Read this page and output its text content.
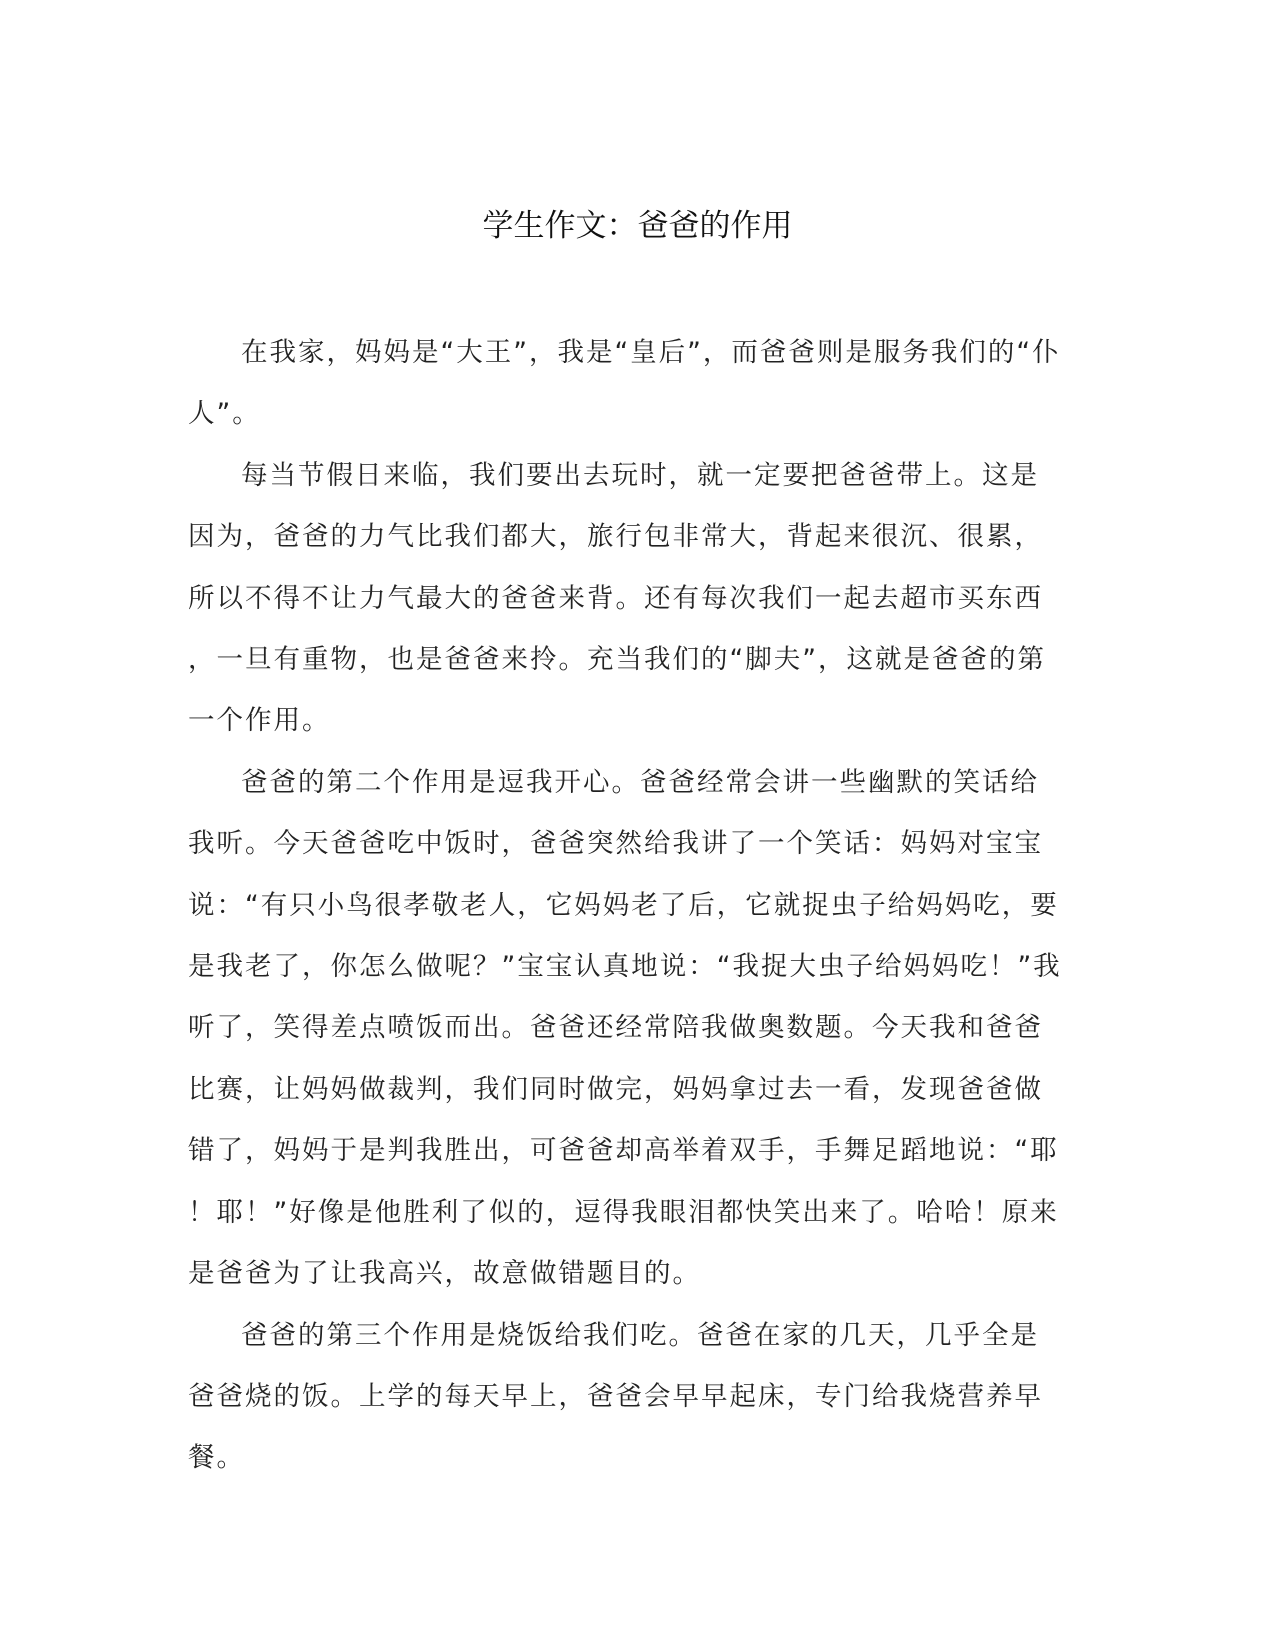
学生作文：爸爸的作用

在我家，妈妈是“大王”，我是“皇后”，而爸爸则是服务我们的“仆
人”。

每当节假日来临，我们要出去玩时，就一定要把爸爸带上。这是
因为，爸爸的力气比我们都大，旅行包非常大，背起来很沉、很累，
所以不得不让力气最大的爸爸来背。还有每次我们一起去超市买东西
，一旦有重物，也是爸爸来拎。充当我们的“脚夫”，这就是爸爸的第
一个作用。

爸爸的第二个作用是逗我开心。爸爸经常会讲一些幽默的笑话给
我听。今天爸爸吃中饭时，爸爸突然给我讲了一个笑话：妈妈对宝宝
说：“有只小鸟很孝敬老人，它妈妈老了后，它就捉虫子给妈妈吃，要
是我老了，你怎么做呢？”宝宝认真地说：“我捉大虫子给妈妈吃！”我
听了，笑得差点喷饭而出。爸爸还经常陪我做奥数题。今天我和爸爸
比赛，让妈妈做裁判，我们同时做完，妈妈拿过去一看，发现爸爸做
错了，妈妈于是判我胜出，可爸爸却高举着双手，手舞足蹈地说：“耶
！耶！”好像是他胜利了似的，逗得我眼泪都快笑出来了。哈哈！原来
是爸爸为了让我高兴，故意做错题目的。

爸爸的第三个作用是烧饭给我们吃。爸爸在家的几天，几乎全是
爸爸烧的饭。上学的每天早上，爸爸会早早起床，专门给我烧营养早
餐。
